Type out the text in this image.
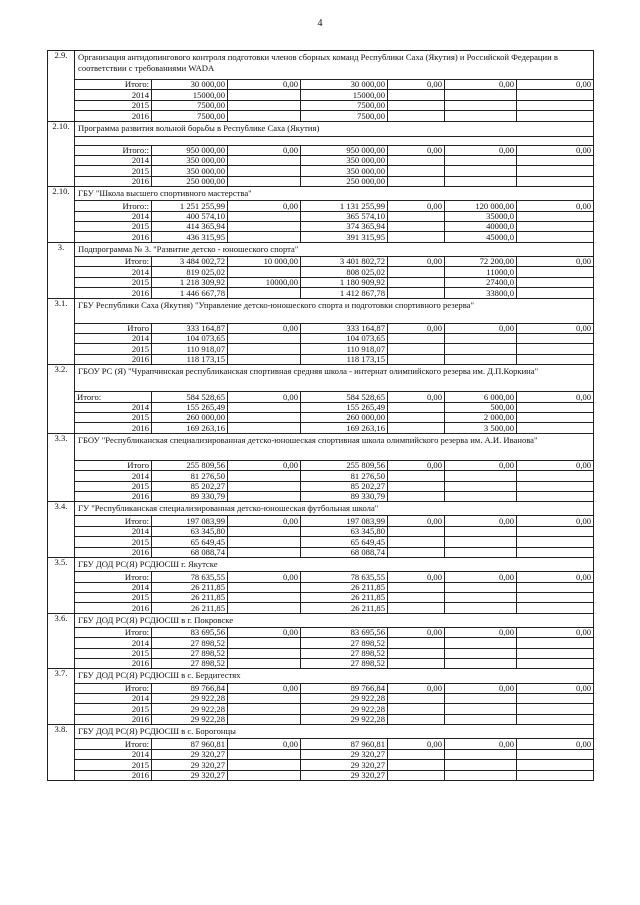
4
2.9.	Организация антидопингового контроля подготовки членов сборных команд Республики Саха (Якутия) и Российской Федерации в соответствии с требованиями WADA						
	Итого:	30 000,00	0,00	30 000,00	0,00	0,00	0,00
	2014	15000,00		15000,00			
	2015	7500,00		7500,00			
	2016	7500,00		7500,00			
2.10.	Программа развития вольной борьбы в Республике Саха (Якутия)						

	Итого::	950 000,00	0,00	950 000,00	0,00	0,00	0,00
	2014	350 000,00		350 000,00			
	2015	350 000,00		350 000,00			
	2016	250 000,00		250 000,00			
2.10.	ГБУ "Школа высшего спортивного мастерства"						
	Итого::	1 251 255,99	0,00	1 131 255,99	0,00	120 000,00	0,00
	2014	400 574,10		365 574,10		35000,0	
	2015	414 365,94		374 365,94		40000,0	
	2016	436 315,95		391 315,95		45000,0	
3.	Подпрограмма № 3. "Развитие детско - юношеского спорта"						
	Итого:	3 484 002,72	10 000,00	3 401 802,72	0,00	72 200,00	0,00
	2014	819 025,02		808 025,02		11000,0	
	2015	1 218 309,92	10000,00	1 180 909,92		27400,0	
	2016	1 446 667,78		1 412 867,78		33800,0	
3.1.	ГБУ Республики Саха (Якутия) "Управление детско-юношеского спорта и подготовки спортивного резерва"						
	Итого	333 164,87	0,00	333 164,87	0,00	0,00	0,00
	2014	104 073,65		104 073,65			
	2015	110 918,07		110 918,07			
	2016	118 173,15		118 173,15			
3.2.	ГБОУ РС (Я) "Чурапчинская республиканская спортивная средняя школа - интернат олимпийского резерва им. Д.П.Коркина"						
	Итого:	584 528,65	0,00	584 528,65	0,00	6 000,00	0,00
	2014	155 265,49		155 265,49		500,00	
	2015	260 000,00		260 000,00		2 000,00	
	2016	169 263,16		169 263,16		3 500,00	
3.3.	ГБОУ "Республиканская специализированная детско-юношеская спортивная школа олимпийского резерва им. А.И. Иванова"						
	Итого	255 809,56	0,00	255 809,56	0,00	0,00	0,00
	2014	81 276,50		81 276,50			
	2015	85 202,27		85 202,27			
	2016	89 330,79		89 330,79			
3.4.	ГУ "Республиканская специализированная детско-юношеская футбольная школа"						
	Итого:	197 083,99	0,00	197 083,99	0,00	0,00	0,00
	2014	63 345,80		63 345,80			
	2015	65 649,45		65 649,45			
	2016	68 088,74		68 088,74			
3.5.	ГБУ ДОД РС(Я) РСДЮСШ г. Якутске						
	Итого:	78 635,55	0,00	78 635,55	0,00	0,00	0,00
	2014	26 211,85		26 211,85			
	2015	26 211,85		26 211,85			
	2016	26 211,85		26 211,85			
3.6.	ГБУ ДОД РС(Я) РСДЮСШ в г. Покровске						
	Итого:	83 695,56	0,00	83 695,56	0,00	0,00	0,00
	2014	27 898,52		27 898,52			
	2015	27 898,52		27 898,52			
	2016	27 898,52		27 898,52			
3.7.	ГБУ ДОД РС(Я) РСДЮСШ в с. Бердигестях						
	Итого:	89 766,84	0,00	89 766,84	0,00	0,00	0,00
	2014	29 922,28		29 922,28			
	2015	29 922,28		29 922,28			
	2016	29 922,28		29 922,28			
3.8.	ГБУ ДОД РС(Я) РСДЮСШ в с. Борогонцы						
	Итого:	87 960,81	0,00	87 960,81	0,00	0,00	0,00
	2014	29 320,27		29 320,27			
	2015	29 320,27		29 320,27			
	2016	29 320,27		29 320,27			
